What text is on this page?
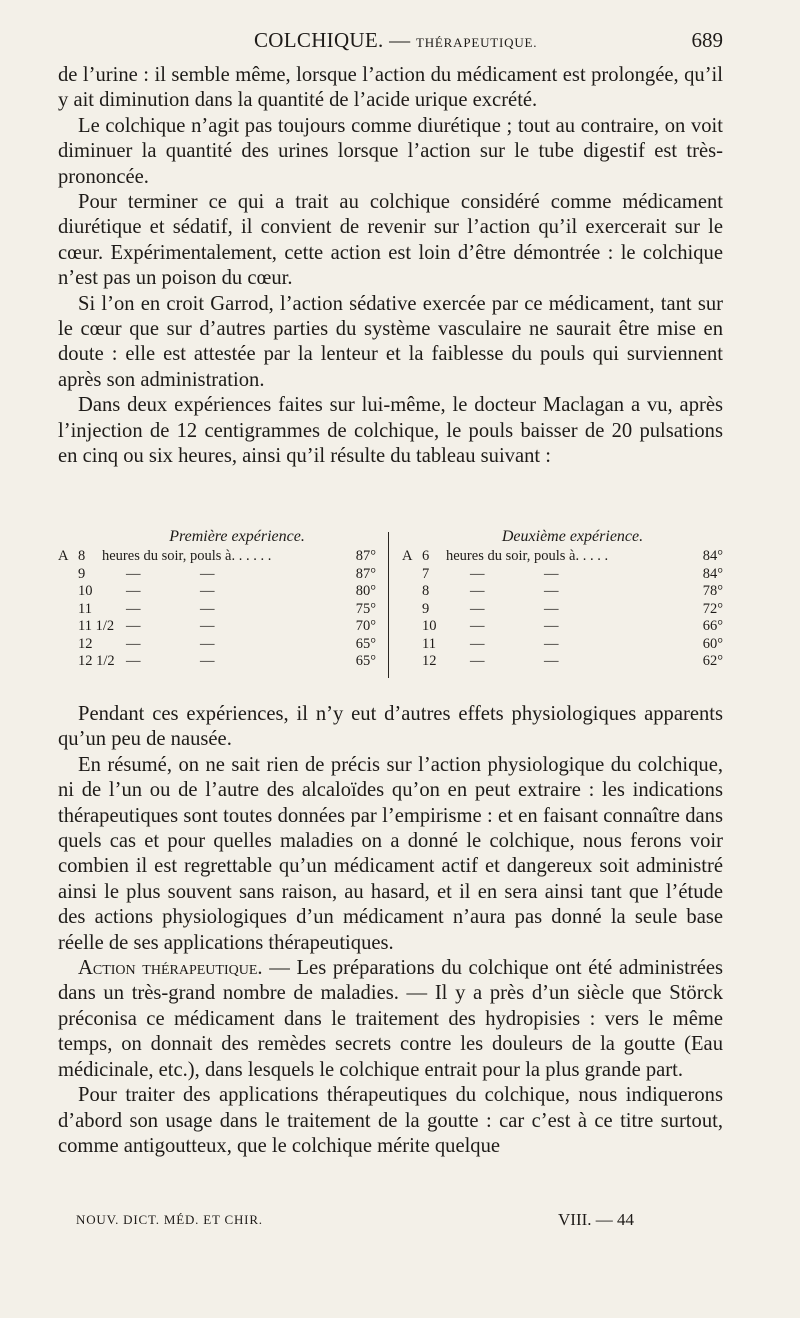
COLCHIQUE. — THÉRAPEUTIQUE.	689

de l’urine : il semble même, lorsque l’action du médicament est prolongée, qu’il y ait diminution dans la quantité de l’acide urique excrété.

Le colchique n’agit pas toujours comme diurétique ; tout au contraire, on voit diminuer la quantité des urines lorsque l’action sur le tube digestif est très-prononcée.

Pour terminer ce qui a trait au colchique considéré comme médicament diurétique et sédatif, il convient de revenir sur l’action qu’il exercerait sur le cœur. Expérimentalement, cette action est loin d’être démontrée : le colchique n’est pas un poison du cœur.

Si l’on en croit Garrod, l’action sédative exercée par ce médicament, tant sur le cœur que sur d’autres parties du système vasculaire ne saurait être mise en doute : elle est attestée par la lenteur et la faiblesse du pouls qui surviennent après son administration.

Dans deux expériences faites sur lui-même, le docteur Maclagan a vu, après l’injection de 12 centigrammes de colchique, le pouls baisser de 20 pulsations en cinq ou six heures, ainsi qu’il résulte du tableau suivant :

Première expérience.
A 8 heures du soir, pouls à. . . . . .	87°
9	—	—	87°
10 —	—	80°
11 —	—	75°
11 1/2 —	—	70°
12 —	—	65°
12 1/2 —	—	65°
Deuxième expérience.
A 6 heures du soir, pouls à. . . . .	84°
7	—	—	84°
8	—	—	78°
9	—	—	72°
10 —	—	66°
11 —	—	60°
12 —	—	62°

Pendant ces expériences, il n’y eut d’autres effets physiologiques apparents qu’un peu de nausée.

En résumé, on ne sait rien de précis sur l’action physiologique du colchique, ni de l’un ou de l’autre des alcaloïdes qu’on en peut extraire : les indications thérapeutiques sont toutes données par l’empirisme : et en faisant connaître dans quels cas et pour quelles maladies on a donné le colchique, nous ferons voir combien il est regrettable qu’un médicament actif et dangereux soit administré ainsi le plus souvent sans raison, au hasard, et il en sera ainsi tant que l’étude des actions physiologiques d’un médicament n’aura pas donné la seule base réelle de ses applications thérapeutiques.

Action thérapeutique. — Les préparations du colchique ont été administrées dans un très-grand nombre de maladies. — Il y a près d’un siècle que Störck préconisa ce médicament dans le traitement des hydropisies : vers le même temps, on donnait des remèdes secrets contre les douleurs de la goutte (Eau médicinale, etc.), dans lesquels le colchique entrait pour la plus grande part.

Pour traiter des applications thérapeutiques du colchique, nous indiquerons d’abord son usage dans le traitement de la goutte : car c’est à ce titre surtout, comme antigoutteux, que le colchique mérite quelque

NOUV. DICT. MÉD. ET CHIR.	VIII. — 44
